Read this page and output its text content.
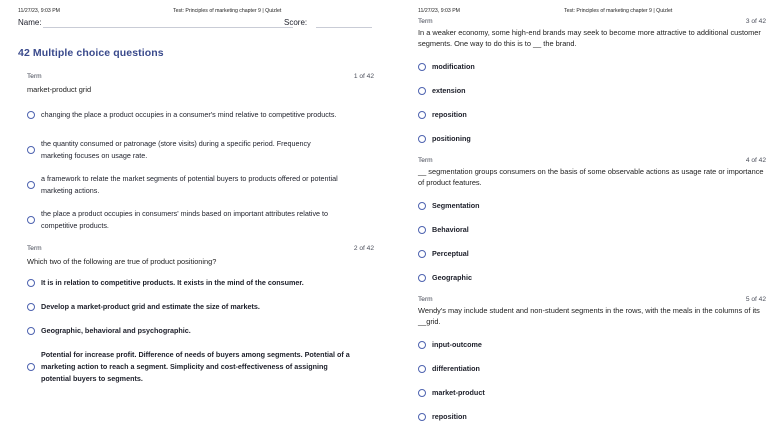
11/27/23, 9:03 PM	Test: Principles of marketing chapter 9 | Quizlet
Name:	Score:
42 Multiple choice questions
Term	1 of 42
market-product grid
changing the place a product occupies in a consumer's mind relative to competitive products.
the quantity consumed or patronage (store visits) during a specific period. Frequency marketing focuses on usage rate.
a framework to relate the market segments of potential buyers to products offered or potential marketing actions.
the place a product occupies in consumers' minds based on important attributes relative to competitive products.
Term	2 of 42
Which two of the following are true of product positioning?
It is in relation to competitive products. It exists in the mind of the consumer.
Develop a market-product grid and estimate the size of markets.
Geographic, behavioral and psychographic.
Potential for increase profit. Difference of needs of buyers among segments. Potential of a marketing action to reach a segment. Simplicity and cost-effectiveness of assigning potential buyers to segments.
11/27/23, 9:03 PM	Test: Principles of marketing chapter 9 | Quizlet
Term	3 of 42
In a weaker economy, some high-end brands may seek to become more attractive to additional customer segments. One way to do this is to __ the brand.
modification
extension
reposition
positioning
Term	4 of 42
__ segmentation groups consumers on the basis of some observable actions as usage rate or importance of product features.
Segmentation
Behavioral
Perceptual
Geographic
Term	5 of 42
Wendy's may include student and non-student segments in the rows, with the meals in the columns of its __grid.
input-outcome
differentiation
market-product
reposition
